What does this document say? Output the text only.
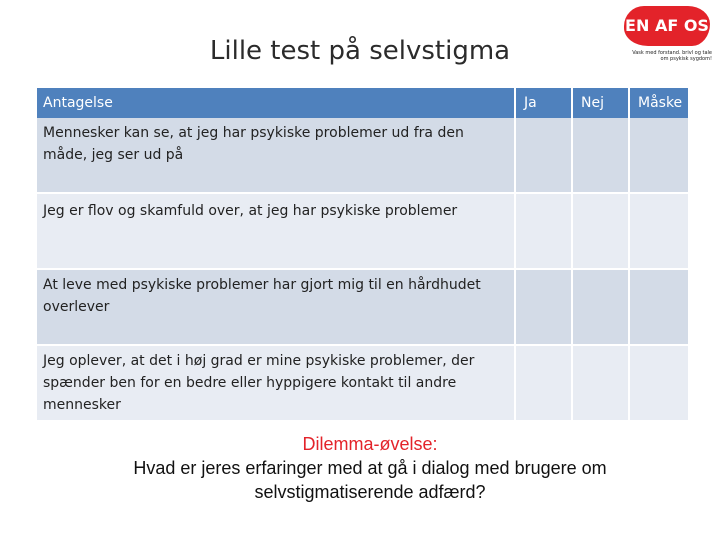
Lille test på selvstigma
EN AF OS
Vask med forstand. brivl og tale om psykisk sygdom!
Antagelse	Ja	Nej	Måske
Mennesker kan se, at jeg har psykiske problemer ud fra den måde, jeg ser ud på			
Jeg er flov og skamfuld over, at jeg har psykiske problemer			
At leve med psykiske problemer har gjort mig til en hårdhudet overlever			
Jeg oplever, at det i høj grad er mine psykiske problemer, der spænder ben for en bedre eller hyppigere kontakt til andre mennesker			
Dilemma-øvelse:
Hvad er jeres erfaringer med at gå i dialog med brugere om selvstigmatiserende adfærd?
